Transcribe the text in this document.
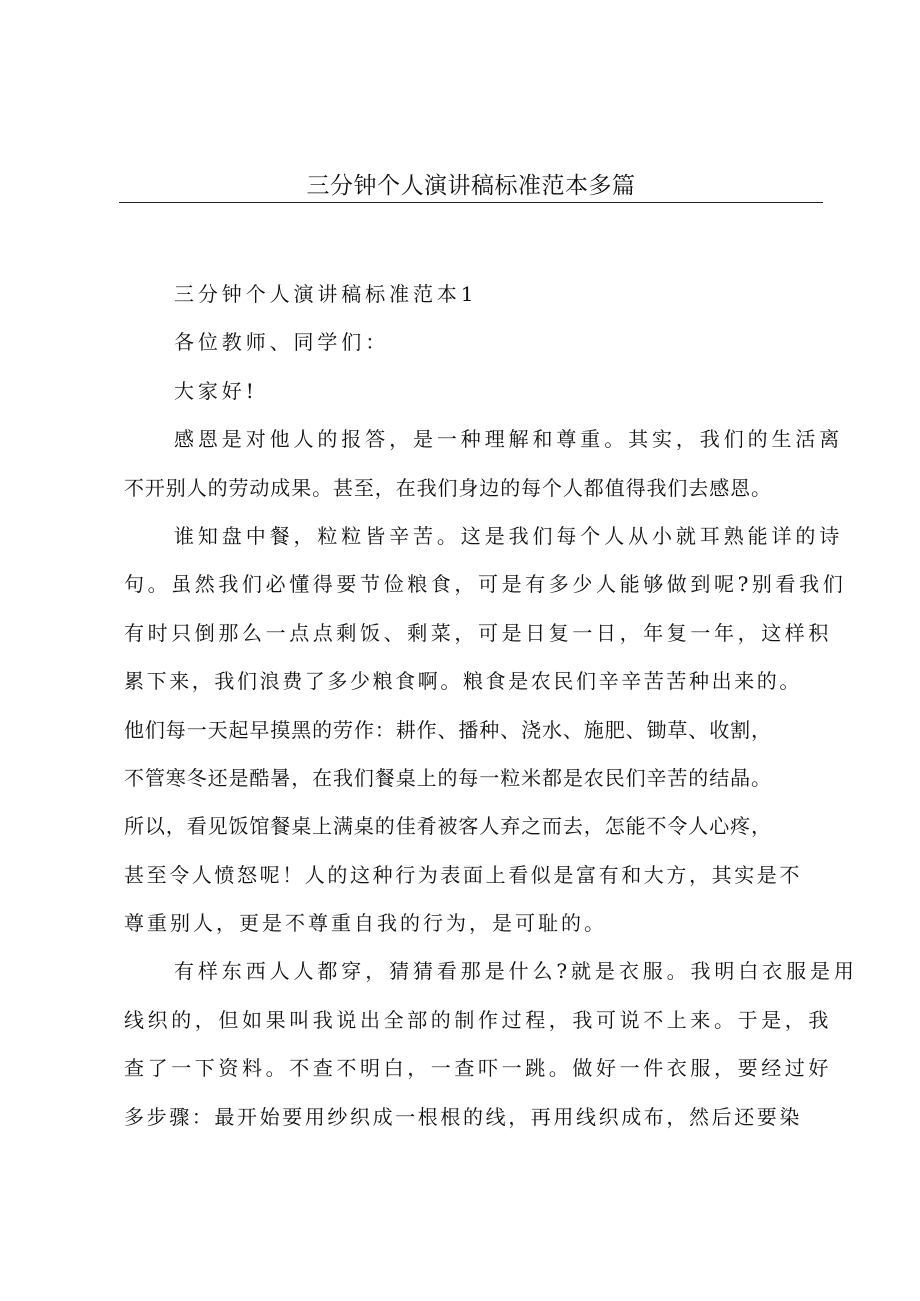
三分钟个人演讲稿标准范本多篇
三分钟个人演讲稿标准范本1
各位教师、同学们：
大家好!
感恩是对他人的报答，是一种理解和尊重。其实，我们的生活离
不开别人的劳动成果。甚至，在我们身边的每个人都值得我们去感恩。
谁知盘中餐，粒粒皆辛苦。这是我们每个人从小就耳熟能详的诗
句。虽然我们必懂得要节俭粮食，可是有多少人能够做到呢?别看我们
有时只倒那么一点点剩饭、剩菜，可是日复一日，年复一年，这样积
累下来，我们浪费了多少粮食啊。粮食是农民们辛辛苦苦种出来的。
他们每一天起早摸黑的劳作：耕作、播种、浇水、施肥、锄草、收割，
不管寒冬还是酷暑，在我们餐桌上的每一粒米都是农民们辛苦的结晶。
所以，看见饭馆餐桌上满桌的佳肴被客人弃之而去，怎能不令人心疼，
甚至令人愤怒呢！人的这种行为表面上看似是富有和大方，其实是不
尊重别人，更是不尊重自我的行为，是可耻的。
有样东西人人都穿，猜猜看那是什么?就是衣服。我明白衣服是用
线织的，但如果叫我说出全部的制作过程，我可说不上来。于是，我
查了一下资料。不查不明白，一查吓一跳。做好一件衣服，要经过好
多步骤：最开始要用纱织成一根根的线，再用线织成布，然后还要染
